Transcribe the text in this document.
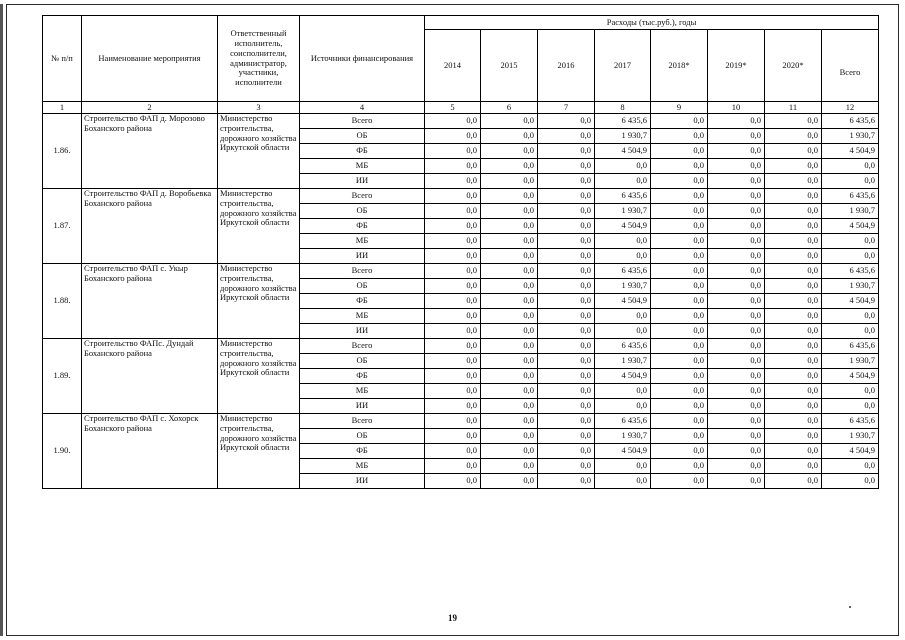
№ п/п	Наименование мероприятия	Ответственный исполнитель, соисполнители, администратор, участники, исполнители	Источники финансирования	Расходы (тыс.руб.), годы							
				2014	2015	2016	2017	2018*	2019*	2020*	Всего
1	2	3	4	5	6	7	8	9	10	11	12
1.86.	Строительство ФАП д. Морозово Боханского района	Министерство строительства, дорожного хозяйства Иркутской области	Всего	0,0	0,0	0,0	6 435,6	0,0	0,0	0,0	6 435,6
			ОБ	0,0	0,0	0,0	1 930,7	0,0	0,0	0,0	1 930,7
			ФБ	0,0	0,0	0,0	4 504,9	0,0	0,0	0,0	4 504,9
			МБ	0,0	0,0	0,0	0,0	0,0	0,0	0,0	0,0
			ИИ	0,0	0,0	0,0	0,0	0,0	0,0	0,0	0,0
1.87.	Строительство ФАП д. Воробьевка Боханского района	Министерство строительства, дорожного хозяйства Иркутской области	Всего	0,0	0,0	0,0	6 435,6	0,0	0,0	0,0	6 435,6
			ОБ	0,0	0,0	0,0	1 930,7	0,0	0,0	0,0	1 930,7
			ФБ	0,0	0,0	0,0	4 504,9	0,0	0,0	0,0	4 504,9
			МБ	0,0	0,0	0,0	0,0	0,0	0,0	0,0	0,0
			ИИ	0,0	0,0	0,0	0,0	0,0	0,0	0,0	0,0
1.88.	Строительство ФАП с. Укыр Боханского района	Министерство строительства, дорожного хозяйства Иркутской области	Всего	0,0	0,0	0,0	6 435,6	0,0	0,0	0,0	6 435,6
			ОБ	0,0	0,0	0,0	1 930,7	0,0	0,0	0,0	1 930,7
			ФБ	0,0	0,0	0,0	4 504,9	0,0	0,0	0,0	4 504,9
			МБ	0,0	0,0	0,0	0,0	0,0	0,0	0,0	0,0
			ИИ	0,0	0,0	0,0	0,0	0,0	0,0	0,0	0,0
1.89.	Строительство ФАПс. Дундай Боханского района	Министерство строительства, дорожного хозяйства Иркутской области	Всего	0,0	0,0	0,0	6 435,6	0,0	0,0	0,0	6 435,6
			ОБ	0,0	0,0	0,0	1 930,7	0,0	0,0	0,0	1 930,7
			ФБ	0,0	0,0	0,0	4 504,9	0,0	0,0	0,0	4 504,9
			МБ	0,0	0,0	0,0	0,0	0,0	0,0	0,0	0,0
			ИИ	0,0	0,0	0,0	0,0	0,0	0,0	0,0	0,0
1.90.	Строительство ФАП с. Хохорск Боханского района	Министерство строительства, дорожного хозяйства Иркутской области	Всего	0,0	0,0	0,0	6 435,6	0,0	0,0	0,0	6 435,6
			ОБ	0,0	0,0	0,0	1 930,7	0,0	0,0	0,0	1 930,7
			ФБ	0,0	0,0	0,0	4 504,9	0,0	0,0	0,0	4 504,9
			МБ	0,0	0,0	0,0	0,0	0,0	0,0	0,0	0,0
			ИИ	0,0	0,0	0,0	0,0	0,0	0,0	0,0	0,0
19
